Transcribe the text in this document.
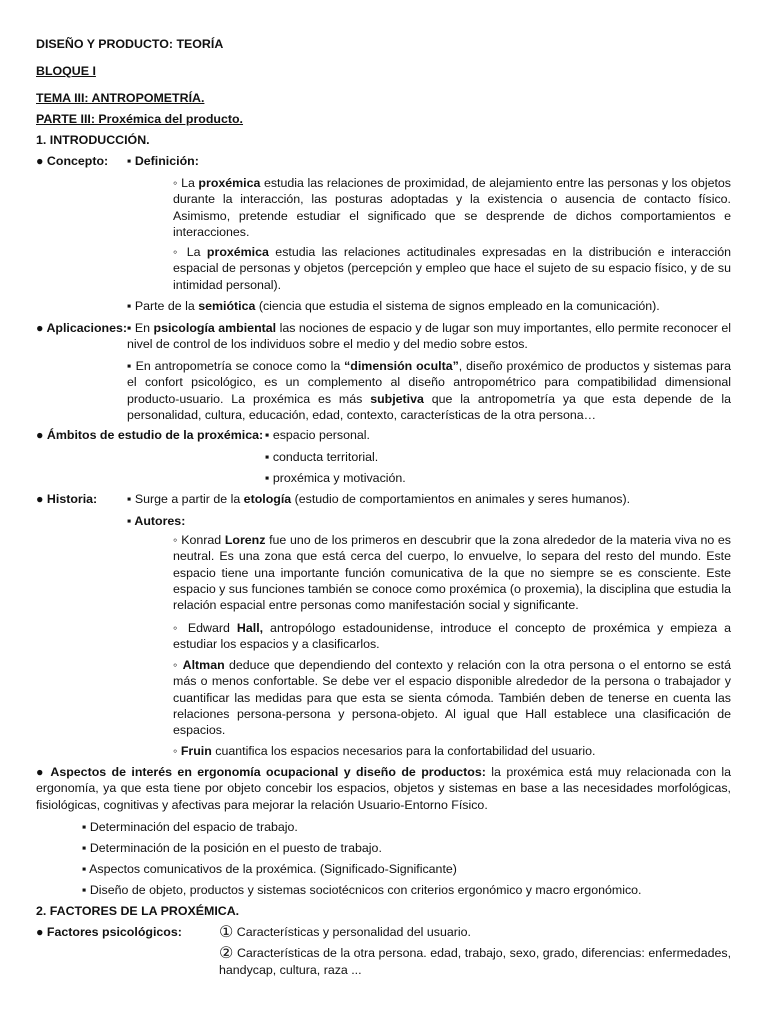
DISEÑO Y PRODUCTO: TEORÍA
BLOQUE I
TEMA III: ANTROPOMETRÍA.
PARTE III: Proxémica del producto.
1. INTRODUCCIÓN.
● Concepto: ▪ Definición:
◦ La proxémica estudia las relaciones de proximidad, de alejamiento entre las personas y los objetos durante la interacción, las posturas adoptadas y la existencia o ausencia de contacto físico. Asimismo, pretende estudiar el significado que se desprende de dichos comportamientos e interacciones.
◦ La proxémica estudia las relaciones actitudinales expresadas en la distribución e interacción espacial de personas y objetos (percepción y empleo que hace el sujeto de su espacio físico, y de su intimidad personal).
▪ Parte de la semiótica (ciencia que estudia el sistema de signos empleado en la comunicación).
● Aplicaciones: ▪ En psicología ambiental las nociones de espacio y de lugar son muy importantes, ello permite reconocer el nivel de control de los individuos sobre el medio y del medio sobre estos.
▪ En antropometría se conoce como la “dimensión oculta”, diseño proxémico de productos y sistemas para el confort psicológico, es un complemento al diseño antropométrico para compatibilidad dimensional producto-usuario. La proxémica es más subjetiva que la antropometría ya que esta depende de la personalidad, cultura, educación, edad, contexto, características de la otra persona…
● Ámbitos de estudio de la proxémica: ▪ espacio personal.
▪ conducta territorial.
▪ proxémica y motivación.
● Historia: ▪ Surge a partir de la etología (estudio de comportamientos en animales y seres humanos).
▪ Autores:
◦ Konrad Lorenz fue uno de los primeros en descubrir que la zona alrededor de la materia viva no es neutral. Es una zona que está cerca del cuerpo, lo envuelve, lo separa del resto del mundo. Este espacio tiene una importante función comunicativa de la que no siempre se es consciente. Este espacio y sus funciones también se conoce como proxémica (o proxemia), la disciplina que estudia la relación espacial entre personas como manifestación social y significante.
◦ Edward Hall, antropólogo estadounidense, introduce el concepto de proxémica y empieza a estudiar los espacios y a clasificarlos.
◦ Altman deduce que dependiendo del contexto y relación con la otra persona o el entorno se está más o menos confortable. Se debe ver el espacio disponible alrededor de la persona o trabajador y cuantificar las medidas para que esta se sienta cómoda. También deben de tenerse en cuenta las relaciones persona-persona y persona-objeto. Al igual que Hall establece una clasificación de espacios.
◦ Fruin cuantifica los espacios necesarios para la confortabilidad del usuario.
● Aspectos de interés en ergonomía ocupacional y diseño de productos: la proxémica está muy relacionada con la ergonomía, ya que esta tiene por objeto concebir los espacios, objetos y sistemas en base a las necesidades morfológicas, fisiológicas, cognitivas y afectivas para mejorar la relación Usuario-Entorno Físico.
▪ Determinación del espacio de trabajo.
▪ Determinación de la posición en el puesto de trabajo.
▪ Aspectos comunicativos de la proxémica. (Significado-Significante)
▪ Diseño de objeto, productos y sistemas sociotécnicos con criterios ergonómico y macro ergonómico.
2. FACTORES DE LA PROXÉMICA.
● Factores psicológicos: ① Características y personalidad del usuario.
② Características de la otra persona. edad, trabajo, sexo, grado, diferencias: enfermedades, handycap, cultura, raza ...
